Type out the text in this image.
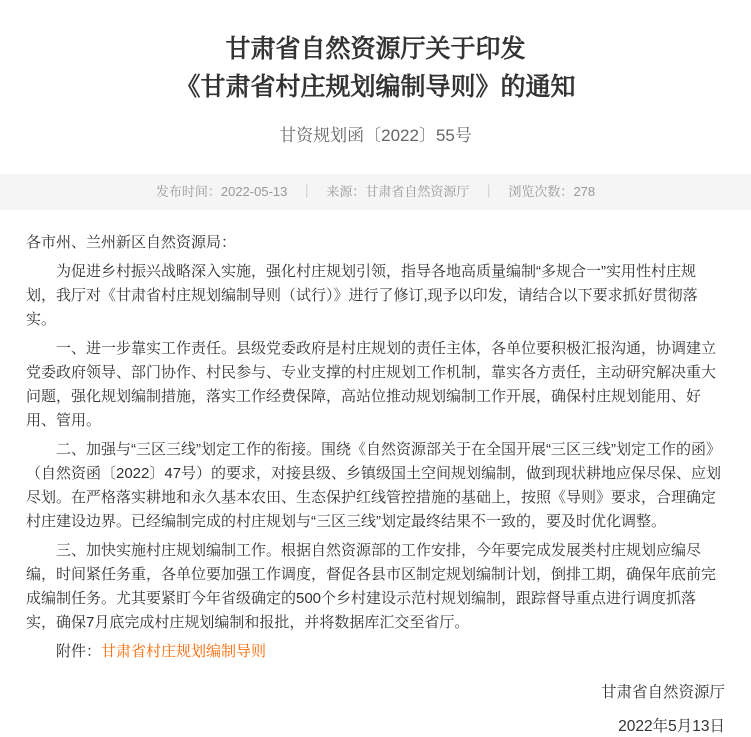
甘肃省自然资源厅关于印发
《甘肃省村庄规划编制导则》的通知
甘资规划函〔2022〕55号
发布时间：2022-05-13 ｜ 来源：甘肃省自然资源厅 ｜ 浏览次数：278

各市州、兰州新区自然资源局：

为促进乡村振兴战略深入实施，强化村庄规划引领，指导各地高质量编制“多规合一”实用性村庄规划，我厅对《甘肃省村庄规划编制导则（试行）》进行了修订,现予以印发，请结合以下要求抓好贯彻落实。

一、进一步靠实工作责任。县级党委政府是村庄规划的责任主体，各单位要积极汇报沟通，协调建立党委政府领导、部门协作、村民参与、专业支撑的村庄规划工作机制，靠实各方责任，主动研究解决重大问题，强化规划编制措施，落实工作经费保障，高站位推动规划编制工作开展，确保村庄规划能用、好用、管用。

二、加强与“三区三线”划定工作的衔接。围绕《自然资源部关于在全国开展“三区三线”划定工作的函》（自然资函〔2022〕47号）的要求，对接县级、乡镇级国土空间规划编制，做到现状耕地应保尽保、应划尽划。在严格落实耕地和永久基本农田、生态保护红线管控措施的基础上，按照《导则》要求，合理确定村庄建设边界。已经编制完成的村庄规划与“三区三线”划定最终结果不一致的，要及时优化调整。

三、加快实施村庄规划编制工作。根据自然资源部的工作安排，今年要完成发展类村庄规划应编尽编，时间紧任务重，各单位要加强工作调度，督促各县市区制定规划编制计划，倒排工期，确保年底前完成编制任务。尤其要紧盯今年省级确定的500个乡村建设示范村规划编制，跟踪督导重点进行调度抓落实，确保7月底完成村庄规划编制和报批，并将数据库汇交至省厅。

附件：甘肃省村庄规划编制导则

甘肃省自然资源厅
2022年5月13日
